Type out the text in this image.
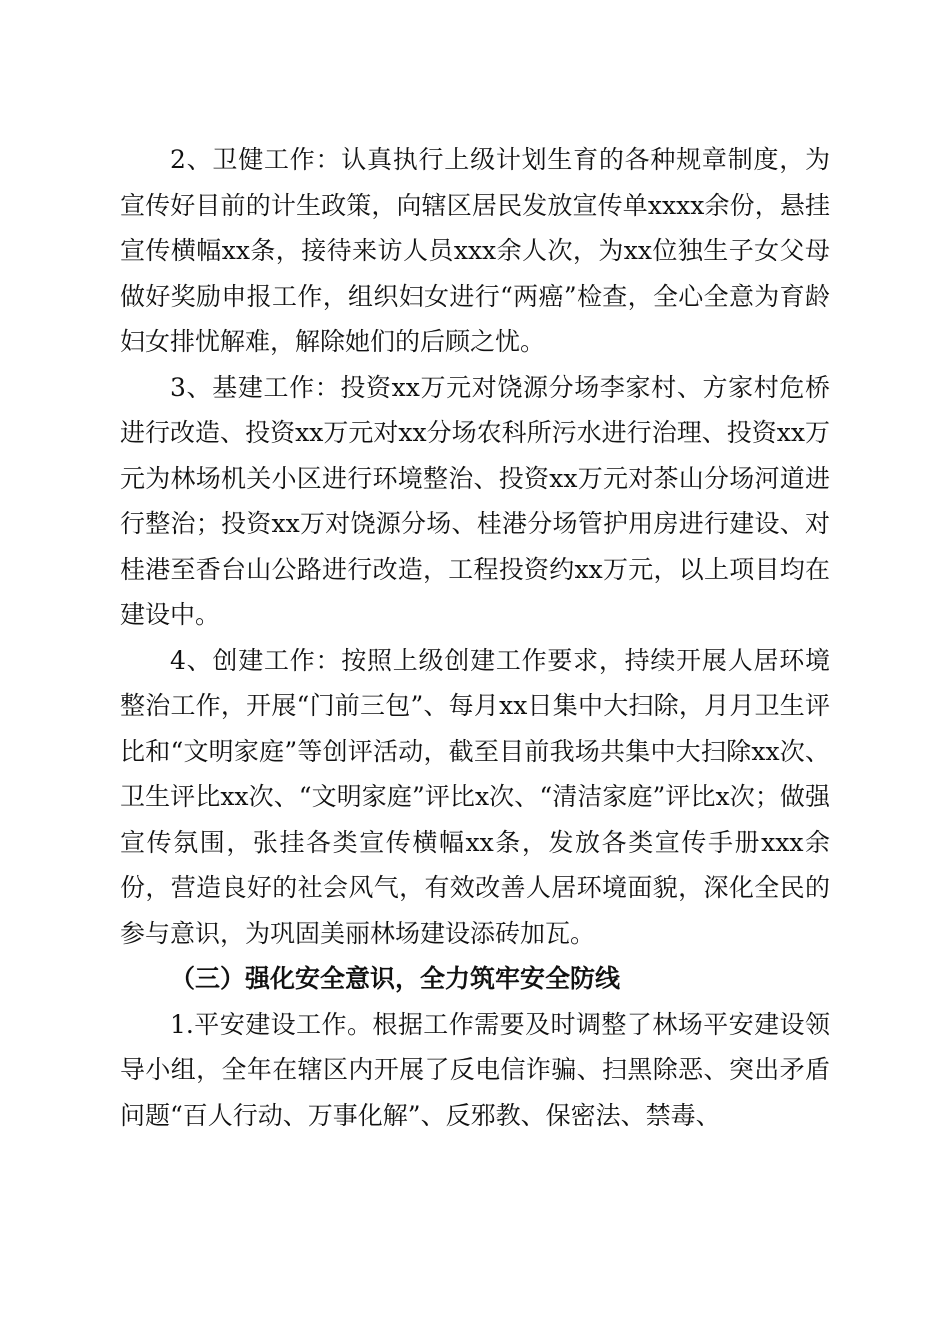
2、卫健工作：认真执行上级计划生育的各种规章制度，为宣传好目前的计生政策，向辖区居民发放宣传单xxxx余份，悬挂宣传横幅xx条，接待来访人员xxx余人次，为xx位独生子女父母做好奖励申报工作，组织妇女进行“两癌”检查，全心全意为育龄妇女排忧解难，解除她们的后顾之忧。

3、基建工作：投资xx万元对饶源分场李家村、方家村危桥进行改造、投资xx万元对xx分场农科所污水进行治理、投资xx万元为林场机关小区进行环境整治、投资xx万元对茶山分场河道进行整治；投资xx万对饶源分场、桂港分场管护用房进行建设、对桂港至香台山公路进行改造，工程投资约xx万元，以上项目均在建设中。

4、创建工作：按照上级创建工作要求，持续开展人居环境整治工作，开展“门前三包”、每月xx日集中大扫除，月月卫生评比和“文明家庭”等创评活动，截至目前我场共集中大扫除xx次、卫生评比xx次、“文明家庭”评比x次、“清洁家庭”评比x次；做强宣传氛围，张挂各类宣传横幅xx条，发放各类宣传手册xxx余份，营造良好的社会风气，有效改善人居环境面貌，深化全民的参与意识，为巩固美丽林场建设添砖加瓦。

（三）强化安全意识，全力筑牢安全防线

1.平安建设工作。根据工作需要及时调整了林场平安建设领导小组，全年在辖区内开展了反电信诈骗、扫黑除恶、突出矛盾问题“百人行动、万事化解”、反邪教、保密法、禁毒、
